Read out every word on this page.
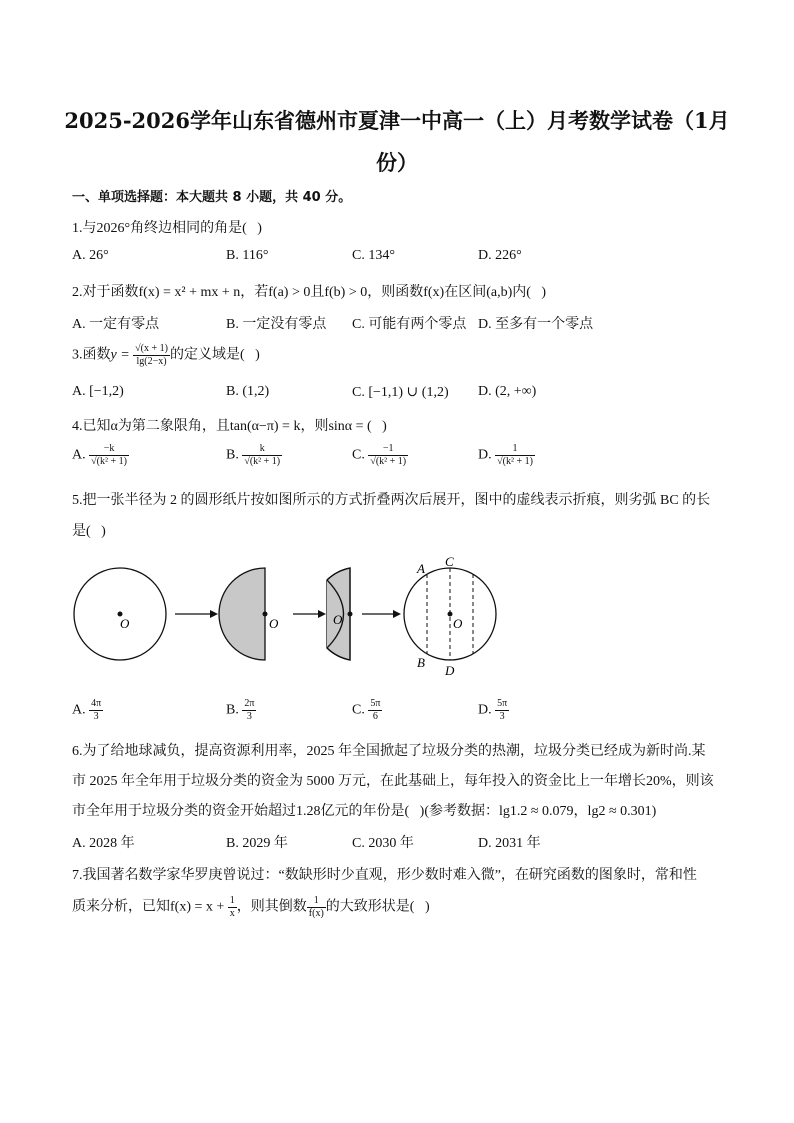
2025-2026学年山东省德州市夏津一中高一（上）月考数学试卷（1月
份）
一、单项选择题：本大题共 8 小题，共 40 分。
1.与2026°角终边相同的角是(   )
A. 26°	B. 116°	C. 134°	D. 226°
2.对于函数f(x) = x² + mx + n，若f(a) > 0且f(b) > 0，则函数f(x)在区间(a,b)内(   )
A. 一定有零点	B. 一定没有零点 C. 可能有两个零点 D. 至多有一个零点
3.函数$y = \frac{√(x + 1)}{\lg(2-x)}$ 的定义域是(   )
A. [−1,2)	B. (1,2)	C. [−1,1) ∪ (1,2) D. (2, +∞)
4.已知α为第二象限角，且tan(α−π) = k，则sinα = (   )
A. $\frac{-k}{\text{√(k² + 1)}}$	B. $\frac{k}{\text{√(k² + 1)}}$	C. $\frac{-1}{\text{√(k² + 1)}}$	D. $\frac{1}{\text{√(k² + 1)}}$
5.把一张半径为 2 的圆形纸片按如图所示的方式折叠两次后展开，图中的虚线表示折痕，则劣弧 BC 的长
是(   )
O	O	O	O
A C
B
D
A. $\frac{4\pi}{3}$	B. $\frac{2\pi}{3}$	C. $\frac{5\pi}{6}$	D. $\frac{5\pi}{3}$
6.为了给地球减负，提高资源利用率，2025 年全国掀起了垃圾分类的热潮，垃圾分类已经成为新时尚.某
市 2025 年全年用于垃圾分类的资金为 5000 万元，在此基础上，每年投入的资金比上一年增长20%，则该
市全年用于垃圾分类的资金开始超过1.28亿元的年份是(   )(参考数据：lg1.2 ≈ 0.079，lg2 ≈ 0.301)
A. 2028 年	B. 2029 年	C. 2030 年	D. 2031 年
7.我国著名数学家华罗庚曾说过：“数缺形时少直观，形少数时难入微”，在研究函数的图象时，常和性
质来分析，已知$f(x) = x + \frac{1}{x}$ ，则其倒数 $\frac{1}{f(x)}$ 的大致形状是(   )
